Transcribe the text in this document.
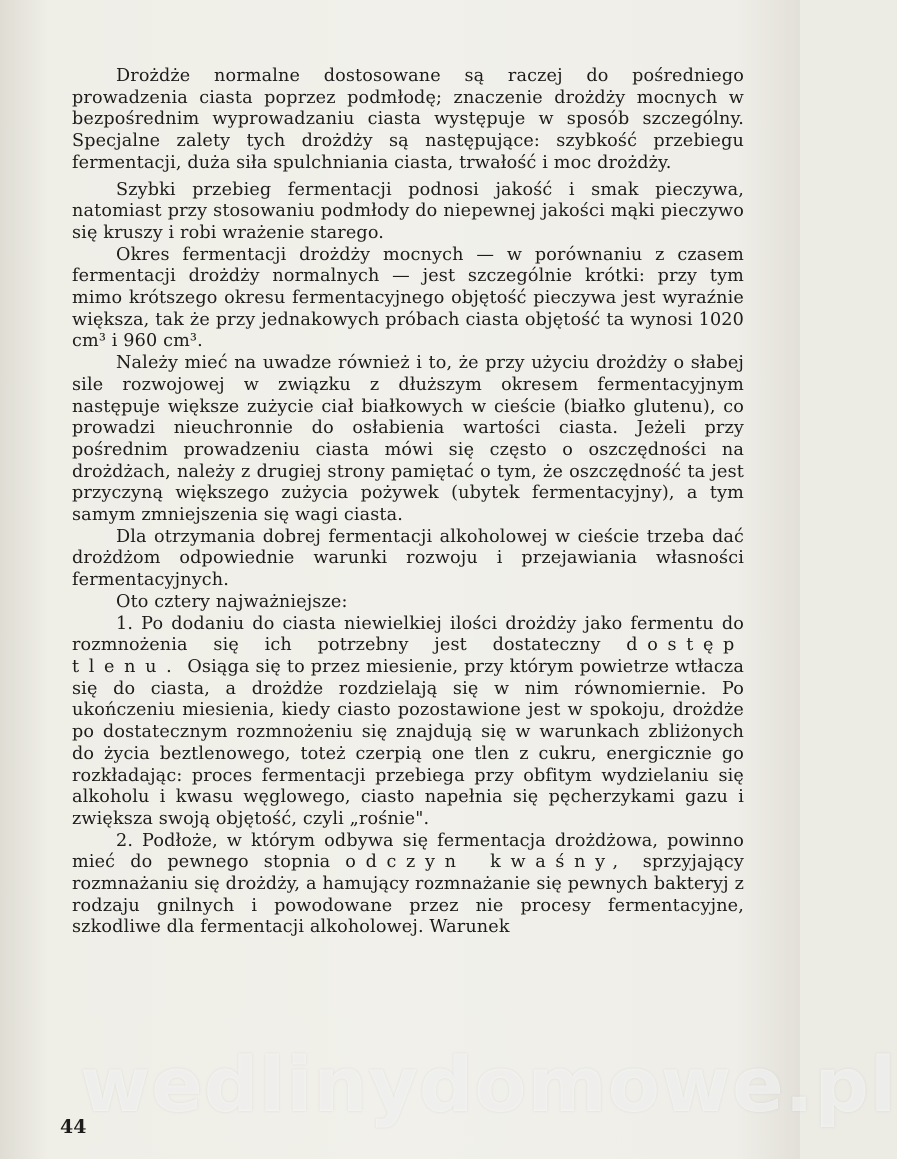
Drożdże normalne dostosowane są raczej do pośredniego prowadzenia ciasta poprzez podmłodę; znaczenie drożdży mocnych w bezpośrednim wyprowadzaniu ciasta występuje w sposób szczególny. Specjalne zalety tych drożdży są następujące: szybkość przebiegu fermentacji, duża siła spulchniania ciasta, trwałość i moc drożdży.

Szybki przebieg fermentacji podnosi jakość i smak pieczywa, natomiast przy stosowaniu podmłody do niepewnej jakości mąki pieczywo się kruszy i robi wrażenie starego.

Okres fermentacji drożdży mocnych — w porównaniu z czasem fermentacji drożdży normalnych — jest szczególnie krótki: przy tym mimo krótszego okresu fermentacyjnego objętość pieczywa jest wyraźnie większa, tak że przy jednakowych próbach ciasta objętość ta wynosi 1020 cm³ i 960 cm³.

Należy mieć na uwadze również i to, że przy użyciu drożdży o słabej sile rozwojowej w związku z dłuższym okresem fermentacyjnym następuje większe zużycie ciał białkowych w cieście (białko glutenu), co prowadzi nieuchronnie do osłabienia wartości ciasta. Jeżeli przy pośrednim prowadzeniu ciasta mówi się często o oszczędności na drożdżach, należy z drugiej strony pamiętać o tym, że oszczędność ta jest przyczyną większego zużycia pożywek (ubytek fermentacyjny), a tym samym zmniejszenia się wagi ciasta.

Dla otrzymania dobrej fermentacji alkoholowej w cieście trzeba dać drożdżom odpowiednie warunki rozwoju i przejawiania własności fermentacyjnych.

Oto cztery najważniejsze:

1. Po dodaniu do ciasta niewielkiej ilości drożdży jako fermentu do rozmnożenia się ich potrzebny jest dostateczny dostęp tlenu. Osiąga się to przez miesienie, przy którym powietrze wtłacza się do ciasta, a drożdże rozdzielają się w nim równomiernie. Po ukończeniu miesienia, kiedy ciasto pozostawione jest w spokoju, drożdże po dostatecznym rozmnożeniu się znajdują się w warunkach zbliżonych do życia beztlenowego, toteż czerpią one tlen z cukru, energicznie go rozkładając: proces fermentacji przebiega przy obfitym wydzielaniu się alkoholu i kwasu węglowego, ciasto napełnia się pęcherzykami gazu i zwiększa swoją objętość, czyli „rośnie".

2. Podłoże, w którym odbywa się fermentacja drożdżowa, powinno mieć do pewnego stopnia odczyn kwaśny, sprzyjający rozmnażaniu się drożdży, a hamujący rozmnażanie się pewnych bakteryj z rodzaju gnilnych i powodowane przez nie procesy fermentacyjne, szkodliwe dla fermentacji alkoholowej. Warunek

wedlinydomowe.pl
44
